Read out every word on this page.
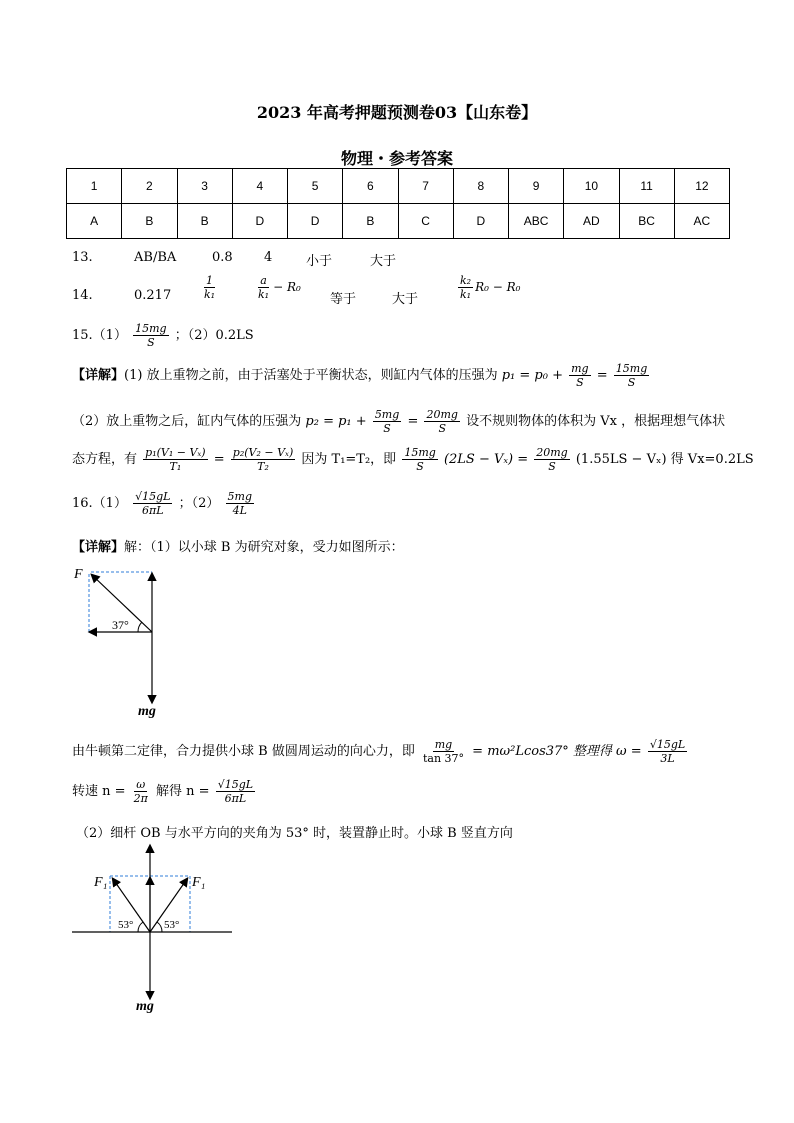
2023 年高考押题预测卷03【山东卷】
物理・参考答案
1	2	3	4	5	6	7	8	9	10	11	12
A	B	B	D	D	B	C	D	ABC	AD	BC	AC
13.	AB/BA	0.8 4	小于	大于
14.	0.217	$\frac{1}{\text{k₁}}$	$\frac{a}{\text{k₁}} - R_0$
等于	大于	$\frac{\text{k₂}}{\text{k₁}} R_0 - R_0$
$15.(1) \frac{15mg}{S}$ ；（2）0.2LS
【详解】(1) 放上重物之前，由于活塞处于平衡状态，则缸内气体的压强为 $p_1 = p_0 + \frac{mg}{S} = \frac{15mg}{S}$
（2）放上重物之后，缸内气体的压强为 $p_2 = p_1 + \frac{5mg}{S} = \frac{20mg}{S}$ 设不规则物体的体积为 Vx ，根据理想气体状
态方程，有 $\frac{\text{p₁(V₁ − Vₓ)}}{\text{T₁}} = \frac{\text{p₂(V₂ − Vₓ)}}{\text{T₂}}$ 因为 T₁=T₂，即 $\frac{15mg}{S} (2LS - V_x) = \frac{20mg}{S} (1.55LS - V_x)$ 得 Vx=0.2LS
$16.(1) \frac{√15gL}{6\pi L}$ ；$(2) \frac{5mg}{4L}$
【详解】解：（1）以小球 B 为研究对象，受力如图所示：
F
37°
mg
由牛顿第二定律，合力提供小球 B 做圆周运动的向心力，即 $\frac{mg}{\tan 37^\circ} = m\omega^2Lcos37^\circ$ 整理得 $\omega = \frac{√15gL}{3L}$
转速 $n = \frac{\omega}{2\pi}$ 解得 $n = \frac{√15gL}{6\pi L}$
（2）细杆 OB 与水平方向的夹角为 53° 时，装置静止时。小球 B 竖直方向
F₁	F₁
53°	53°
mg
